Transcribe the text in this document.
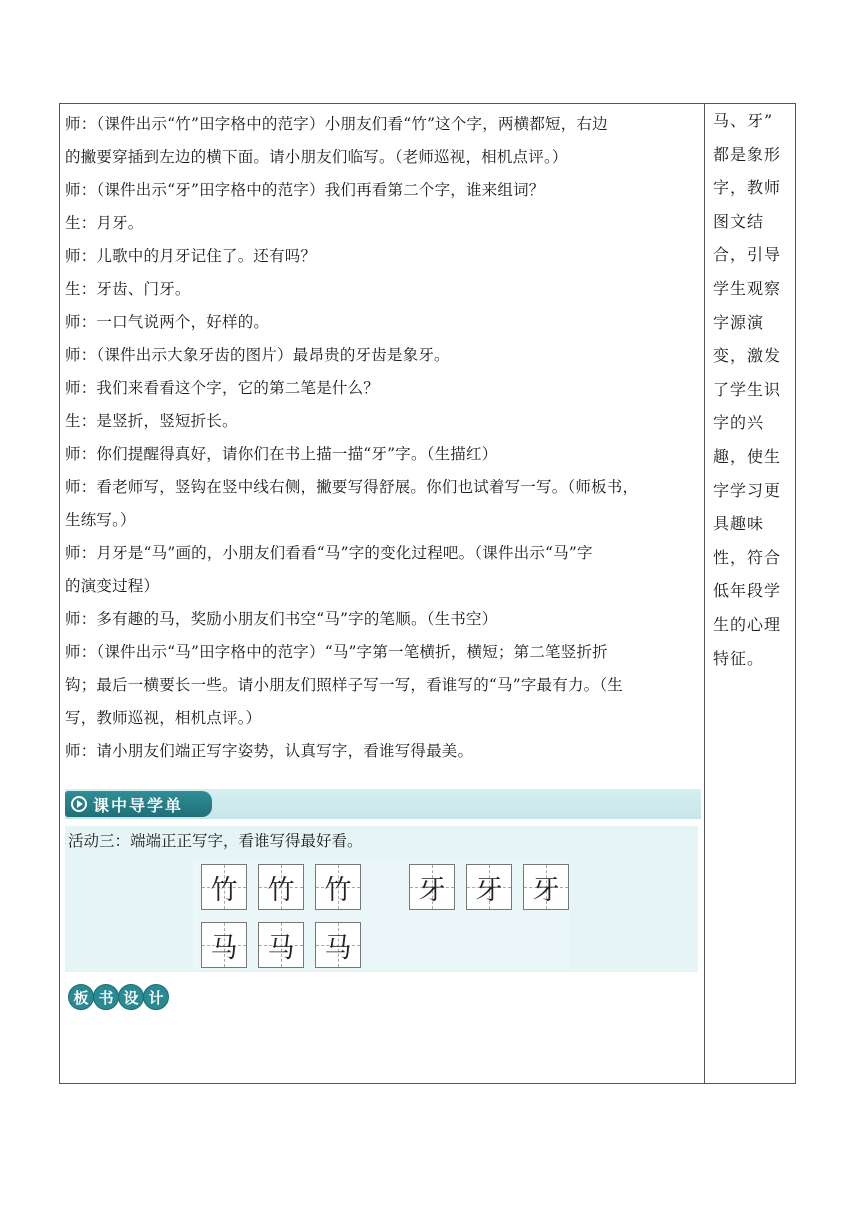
师：（课件出示“竹”田字格中的范字）小朋友们看“竹”这个字，两横都短，右边
的撇要穿插到左边的横下面。请小朋友们临写。（老师巡视，相机点评。）
师：（课件出示“牙”田字格中的范字）我们再看第二个字，谁来组词？
生：月牙。
师：儿歌中的月牙记住了。还有吗？
生：牙齿、门牙。
师：一口气说两个，好样的。
师：（课件出示大象牙齿的图片）最昂贵的牙齿是象牙。
师：我们来看看这个字，它的第二笔是什么？
生：是竖折，竖短折长。
师：你们提醒得真好，请你们在书上描一描“牙”字。（生描红）
师：看老师写，竖钩在竖中线右侧，撇要写得舒展。你们也试着写一写。（师板书，
生练写。）
师：月牙是“马”画的，小朋友们看看“马”字的变化过程吧。（课件出示“马”字
的演变过程）
师：多有趣的马，奖励小朋友们书空“马”字的笔顺。（生书空）
师：（课件出示“马”田字格中的范字）“马”字第一笔横折，横短；第二笔竖折折
钩；最后一横要长一些。请小朋友们照样子写一写，看谁写的“马”字最有力。（生
写，教师巡视，相机点评。）
师：请小朋友们端正写字姿势，认真写字，看谁写得最美。
马、牙”
都是象形
字，教师
图文结
合，引导
学生观察
字源演
变，激发
了学生识
字的兴
趣，使生
字学习更
具趣味
性，符合
低年段学
生的心理
特征。
课中导学单
活动三：端端正正写字，看谁写得最好看。
竹 竹 竹 牙 牙 牙
马 马 马
板 书 设 计
